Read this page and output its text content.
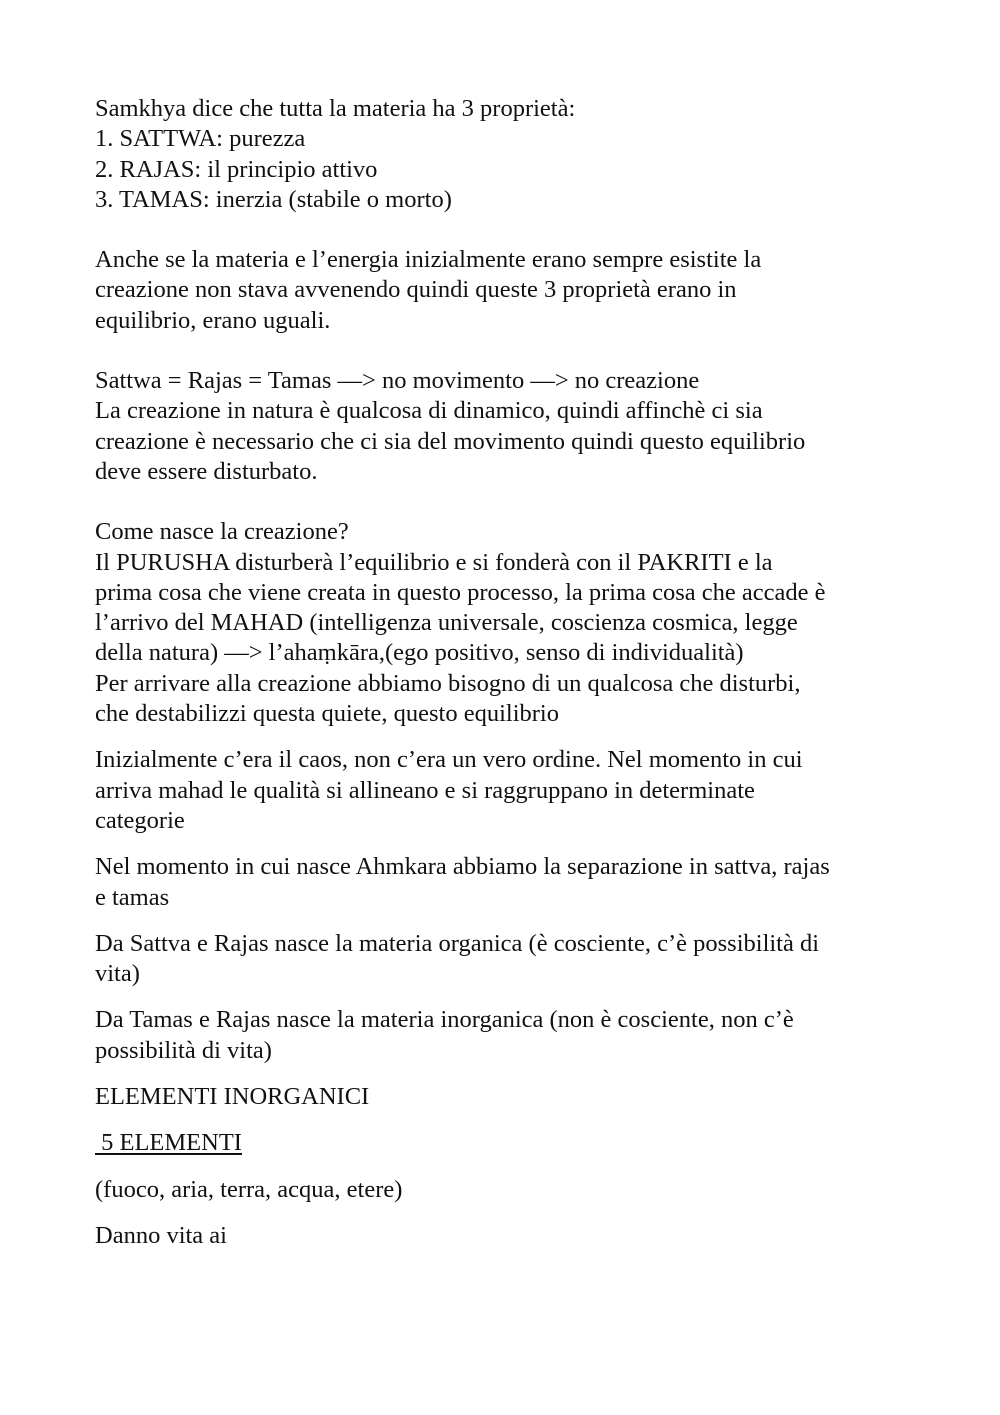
Samkhya dice che tutta la materia ha 3 proprietà:
1. SATTWA: purezza
2. RAJAS: il principio attivo
3. TAMAS: inerzia (stabile o morto)
Anche se la materia e l’energia inizialmente erano sempre esistite la
creazione non stava avvenendo quindi queste 3 proprietà erano in
equilibrio, erano uguali.
Sattwa = Rajas = Tamas —> no movimento —> no creazione
La creazione in natura è qualcosa di dinamico, quindi affinchè ci sia
creazione è necessario che ci sia del movimento quindi questo equilibrio
deve essere disturbato.
Come nasce la creazione?
Il PURUSHA disturberà l’equilibrio e si fonderà con il PAKRITI e la
prima cosa che viene creata in questo processo, la prima cosa che accade è
l’arrivo del MAHAD (intelligenza universale, coscienza cosmica, legge
della natura) —> l’ahaṃkāra,(ego positivo, senso di individualità)
Per arrivare alla creazione abbiamo bisogno di un qualcosa che disturbi,
che destabilizzi questa quiete, questo equilibrio
Inizialmente c’era il caos, non c’era un vero ordine. Nel momento in cui
arriva mahad le qualità si allineano e si raggruppano in determinate
categorie
Nel momento in cui nasce Ahmkara abbiamo la separazione in sattva, rajas
e tamas
Da Sattva e Rajas nasce la materia organica (è cosciente, c’è possibilità di
vita)
Da Tamas e Rajas nasce la materia inorganica (non è cosciente, non c’è
possibilità di vita)
ELEMENTI INORGANICI
5 ELEMENTI
(fuoco, aria, terra, acqua, etere)
Danno vita ai
